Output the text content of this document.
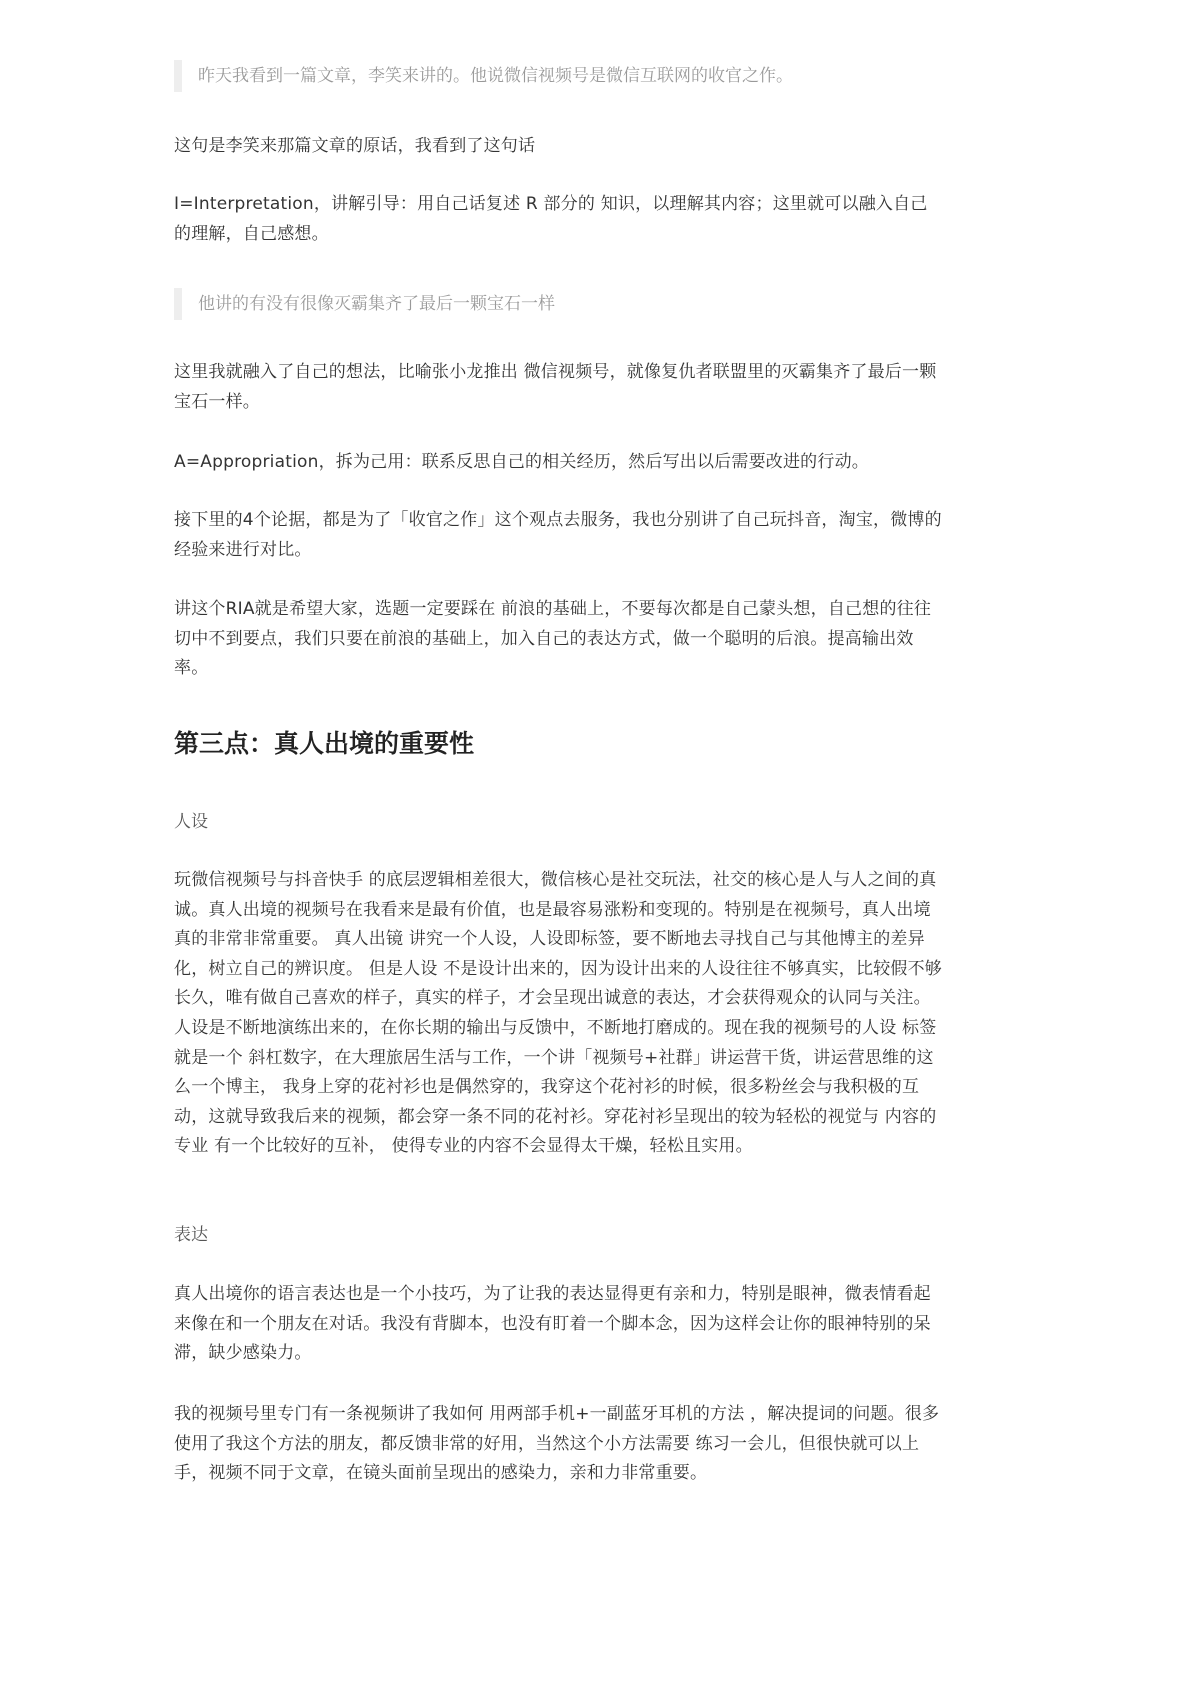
昨天我看到一篇文章，李笑来讲的。他说微信视频号是微信互联网的收官之作。

这句是李笑来那篇文章的原话，我看到了这句话

I=Interpretation，讲解引导：用自己话复述 R 部分的 知识，以理解其内容；这里就可以融入自己的理解，自己感想。

他讲的有没有很像灭霸集齐了最后一颗宝石一样

这里我就融入了自己的想法，比喻张小龙推出 微信视频号，就像复仇者联盟里的灭霸集齐了最后一颗宝石一样。

A=Appropriation，拆为己用：联系反思自己的相关经历，然后写出以后需要改进的行动。

接下里的4个论据，都是为了「收官之作」这个观点去服务，我也分别讲了自己玩抖音，淘宝，微博的经验来进行对比。

讲这个RIA就是希望大家，选题一定要踩在 前浪的基础上，不要每次都是自己蒙头想，自己想的往往切中不到要点，我们只要在前浪的基础上，加入自己的表达方式，做一个聪明的后浪。提高输出效率。

第三点：真人出境的重要性

人设

玩微信视频号与抖音快手 的底层逻辑相差很大，微信核心是社交玩法，社交的核心是人与人之间的真诚。真人出境的视频号在我看来是最有价值，也是最容易涨粉和变现的。特别是在视频号，真人出境真的非常非常重要。 真人出镜 讲究一个人设，人设即标签，要不断地去寻找自己与其他博主的差异化，树立自己的辨识度。 但是人设 不是设计出来的，因为设计出来的人设往往不够真实，比较假不够长久，唯有做自己喜欢的样子，真实的样子，才会呈现出诚意的表达，才会获得观众的认同与关注。人设是不断地演练出来的，在你长期的输出与反馈中，不断地打磨成的。现在我的视频号的人设 标签就是一个 斜杠数字，在大理旅居生活与工作，一个讲「视频号+社群」讲运营干货，讲运营思维的这么一个博主， 我身上穿的花衬衫也是偶然穿的，我穿这个花衬衫的时候，很多粉丝会与我积极的互动，这就导致我后来的视频，都会穿一条不同的花衬衫。穿花衬衫呈现出的较为轻松的视觉与 内容的专业 有一个比较好的互补， 使得专业的内容不会显得太干燥，轻松且实用。

表达

真人出境你的语言表达也是一个小技巧，为了让我的表达显得更有亲和力，特别是眼神，微表情看起来像在和一个朋友在对话。我没有背脚本，也没有盯着一个脚本念，因为这样会让你的眼神特别的呆滞，缺少感染力。

我的视频号里专门有一条视频讲了我如何 用两部手机+一副蓝牙耳机的方法 ，解决提词的问题。很多使用了我这个方法的朋友，都反馈非常的好用，当然这个小方法需要 练习一会儿，但很快就可以上手，视频不同于文章，在镜头面前呈现出的感染力，亲和力非常重要。
